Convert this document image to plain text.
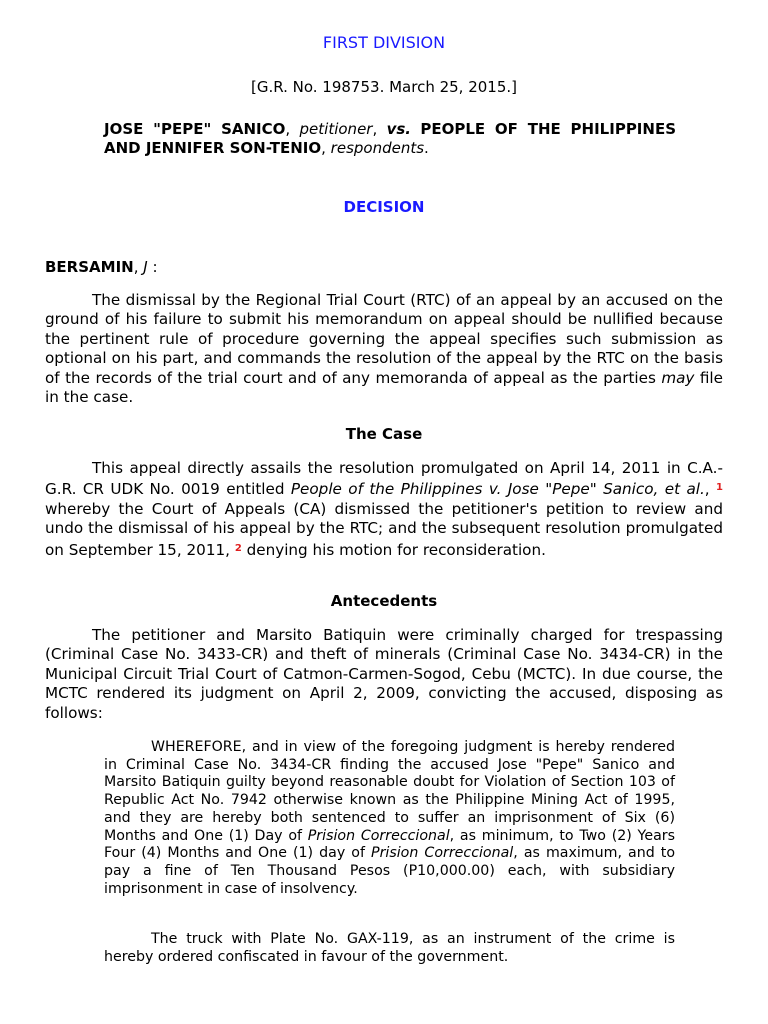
FIRST DIVISION
[G.R. No. 198753. March 25, 2015.]
JOSE "PEPE" SANICO, petitioner, vs. PEOPLE OF THE PHILIPPINES AND JENNIFER SON-TENIO, respondents.
DECISION
BERSAMIN, J :
The dismissal by the Regional Trial Court (RTC) of an appeal by an accused on the ground of his failure to submit his memorandum on appeal should be nullified because the pertinent rule of procedure governing the appeal specifies such submission as optional on his part, and commands the resolution of the appeal by the RTC on the basis of the records of the trial court and of any memoranda of appeal as the parties may file in the case.
The Case
This appeal directly assails the resolution promulgated on April 14, 2011 in C.A.-G.R. CR UDK No. 0019 entitled People of the Philippines v. Jose "Pepe" Sanico, et al., $^1$ whereby the Court of Appeals (CA) dismissed the petitioner's petition to review and undo the dismissal of his appeal by the RTC; and the subsequent resolution promulgated on September 15, 2011, $^2$ denying his motion for reconsideration.
Antecedents
The petitioner and Marsito Batiquin were criminally charged for trespassing (Criminal Case No. 3433-CR) and theft of minerals (Criminal Case No. 3434-CR) in the Municipal Circuit Trial Court of Catmon-Carmen-Sogod, Cebu (MCTC). In due course, the MCTC rendered its judgment on April 2, 2009, convicting the accused, disposing as follows:
WHEREFORE, and in view of the foregoing judgment is hereby rendered in Criminal Case No. 3434-CR finding the accused Jose "Pepe" Sanico and Marsito Batiquin guilty beyond reasonable doubt for Violation of Section 103 of Republic Act No. 7942 otherwise known as the Philippine Mining Act of 1995, and they are hereby both sentenced to suffer an imprisonment of Six (6) Months and One (1) Day of Prision Correccional, as minimum, to Two (2) Years Four (4) Months and One (1) day of Prision Correccional, as maximum, and to pay a fine of Ten Thousand Pesos (P10,000.00) each, with subsidiary imprisonment in case of insolvency.
The truck with Plate No. GAX-119, as an instrument of the crime is hereby ordered confiscated in favour of the government.
